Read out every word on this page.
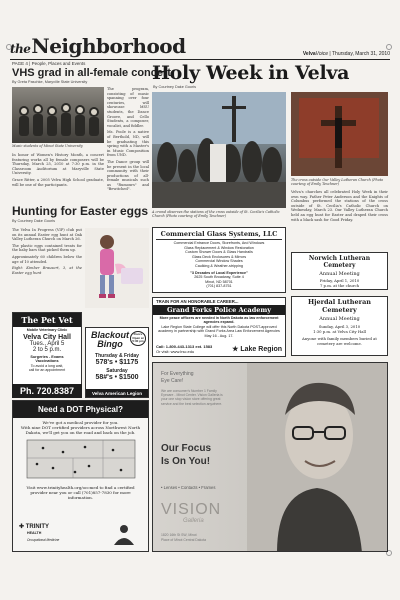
theNeighborhood	VelvaVoice | Thursday, March 31, 2010
PAGE 4 | People, Places and Events
VHS grad in all-female concert
By Greta Paschke, Maryville State University

The program, consisting of music spanning over four centuries, will showcase MSU students, the Dance Groove, and Cello Students, a composer, vocalist, and fiddler.

Ms. Poole is a native of Berthold, ND, will be graduating this spring with a Master's in Music Composition from UND.

The Dance group will be present in the local community with their productions of all-female musicals such as "Rumours" and "Bewitched".

Music students of Minot State University

In honor of Women's History Month, a concert featuring works all by female composers will be Thursday, March 25, 2010 at 7:30 p.m. in the Classroom Auditorium at Maryville State University.

Grace Ritter, a 2005 Velva High School graduate, will be one of the participants.

Holy Week in Velva
By Courtney Dake Gooris
A crowd observes the stations of the cross outside of St. Cecilia's Catholic Church (Photo courtesy of Emily Teschner)
The cross outside Our Valley Lutheran Church (Photo courtesy of Emily Teschner)
Velva's churches all celebrated Holy Week in their own way. Father Peter Anderson and the Knights of Columbus performed the stations of the cross outside of St. Cecilia's Catholic Church on Wednesday, March 23. Our Valley Lutheran Church held an egg hunt for Easter and draped their cross with a black sash for Good Friday.
Hunting for Easter eggs
By Courtney Dake Gooris

The Velva In Progress (VIP) club put on its annual Easter egg hunt at Oak Valley Lutheran Church on March 26.

The plastic eggs contained treats for the baby bars that picked them up.

Approximately 60 children below the age of 10 attended.

Right: Kimber Brausert, 3, at the Easter egg hunt

Commercial Glass Systems, LLC
Commercial Entrance Doors, Storefronts, And Windows
Glass Replacement & Window Restoration
Custom Shower Doors & Glass Handrails
Glass Deck Enclosures & Mirrors
Commercial Window Shades
Caulking & Weather-stripping
"3 Decades of Local Experience"
2625 South Broadway, Suite 4
Minot, ND 58701
(701) 837-8751
Norwich Lutheran Cemetery
Annual Meeting
Friday, April 1, 2010
7 p.m. at the church
Hjerdal Lutheran Cemetery
Annual Meeting
Sunday, April 3, 2010
1:30 p.m. at Velva City Hall
Anyone with family members buried at cemetery are welcome.
TRAIN FOR AN HONORABLE CAREER...
Grand Forks Police Academy
More peace officers are needed in North Dakota as law enforcement agencies expand.
Lake Region State College will offer this North Dakota POST-approved academy in partnership with Grand Forks Area Law Enforcement Agencies May 16 - Aug. 17.
Call: 1-800-443-1313 ext. 1583
Or visit: www.lrsc.edu	★ Lake Region
The Pet Vet
Mobile Veterinary Clinic
Velva City Hall
Tues., April 5
2 to 5 p.m.
Surgeries - Exams
Vaccinations
To avoid a long wait,
call for an appointment
Ph. 720.8387
Blackout Bingo
Doors Open at 5:30 pm
Thursday & Friday
578's • $1175
Saturday
58#'s • $1500
Velva American Legion
Need a DOT Physical?
We've got a medical provider for you.
With nine DOT certified providers across Northwest North Dakota, we'll get you on the road and back on the job.
Visit www.trinityhealth.org/occmed to find a certified provider near you or call (701)857-7830 for more information.
✚ TRINITY
HEALTH
Occupational Medicine
For Everything
Eye Care!
We are consumer's Number 1 Family Eyecare - Minot Center. Vision Galleria is your one stop vision store offering great service and the best selection anywhere.
Our Focus
Is On You!
• Lenses • Contacts • Frames
VISION
Galleria
1820 16th St SW, Minot
Place of Minot Central Dakota
